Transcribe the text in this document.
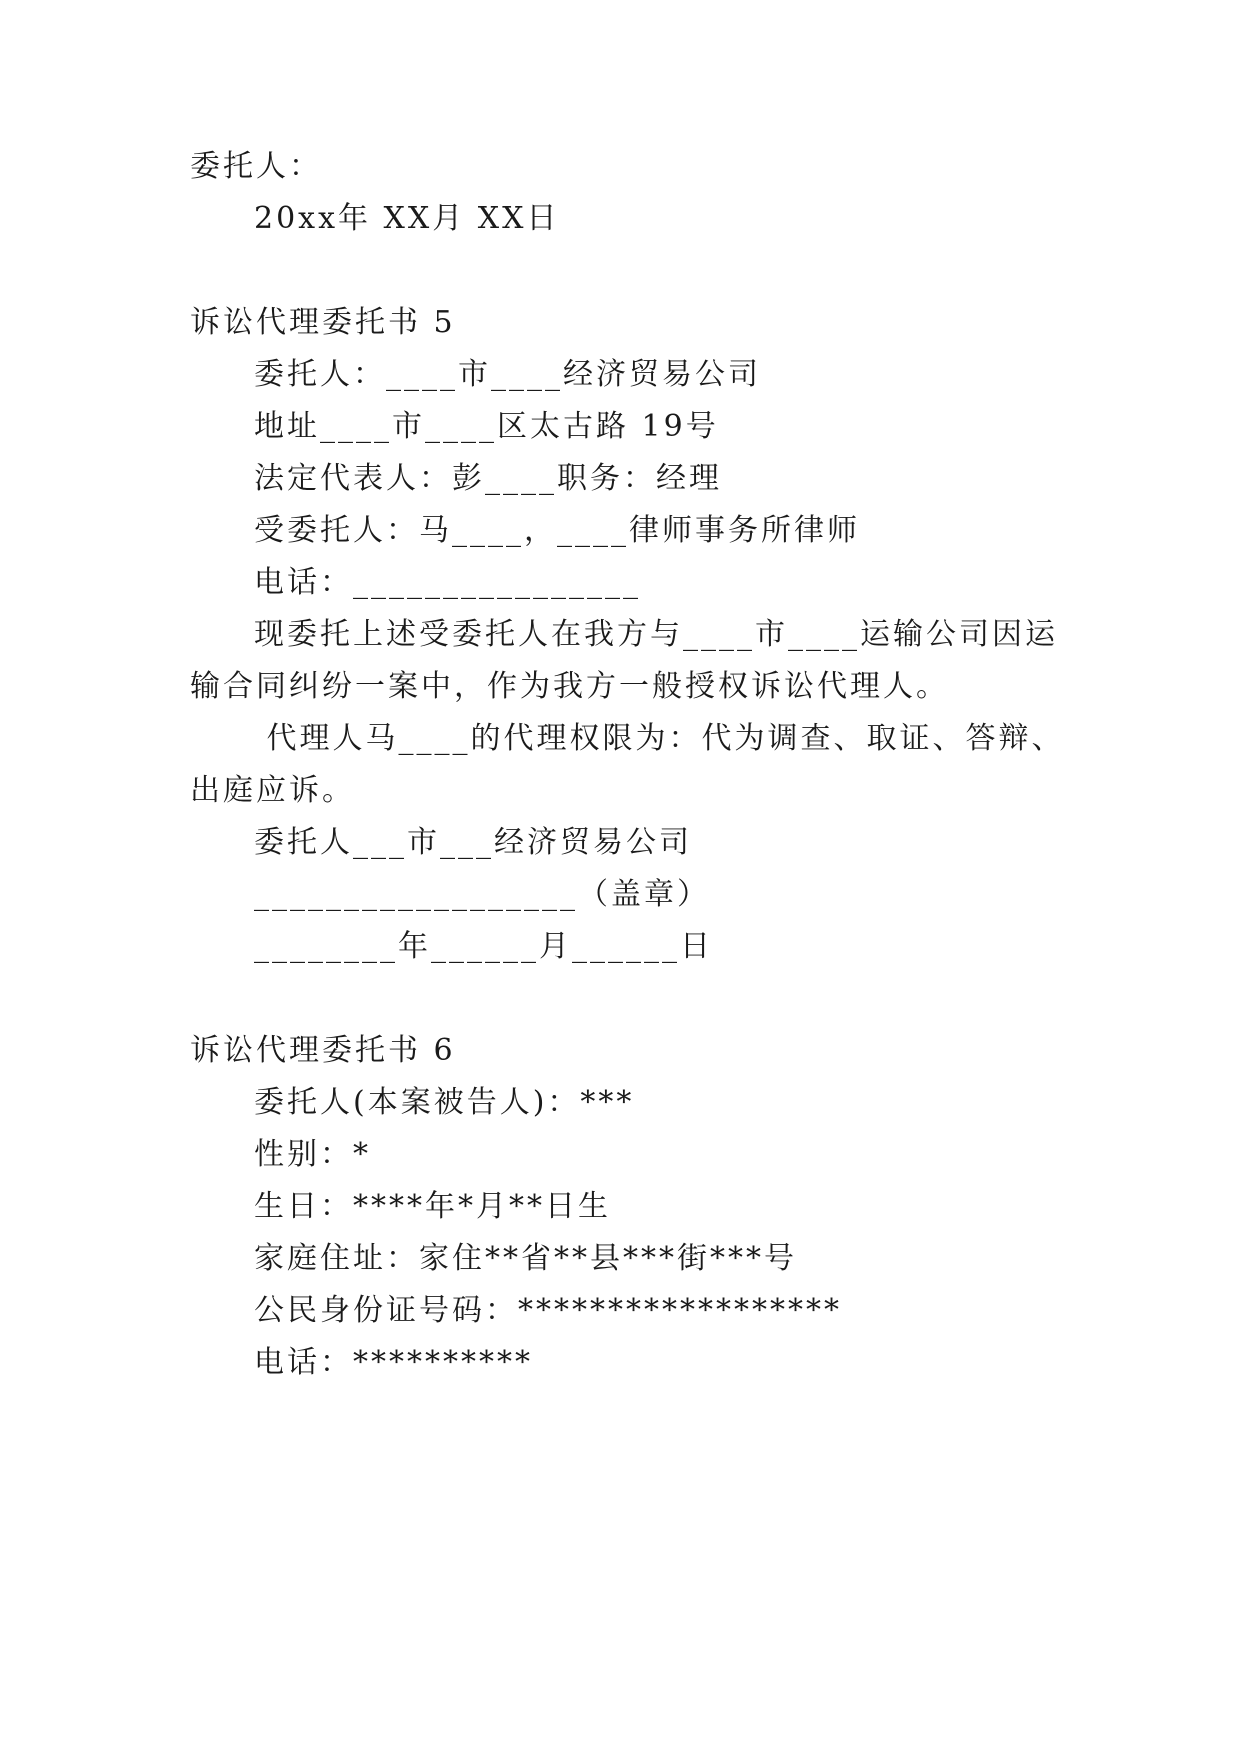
委托人：
20xx年 XX月 XX日
诉讼代理委托书 5
委托人：____市____经济贸易公司
地址____市____区太古路 19号
法定代表人：彭____职务：经理
受委托人：马____，____律师事务所律师
电话：________________
现委托上述受委托人在我方与____市____运输公司因运
输合同纠纷一案中，作为我方一般授权诉讼代理人。
代理人马____的代理权限为：代为调查、取证、答辩、
出庭应诉。
委托人___市___经济贸易公司
__________________（盖章）
________年______月______日
诉讼代理委托书 6
委托人(本案被告人)：***
性别：*
生日：****年*月**日生
家庭住址：家住**省**县***街***号
公民身份证号码：******************
电话：**********
